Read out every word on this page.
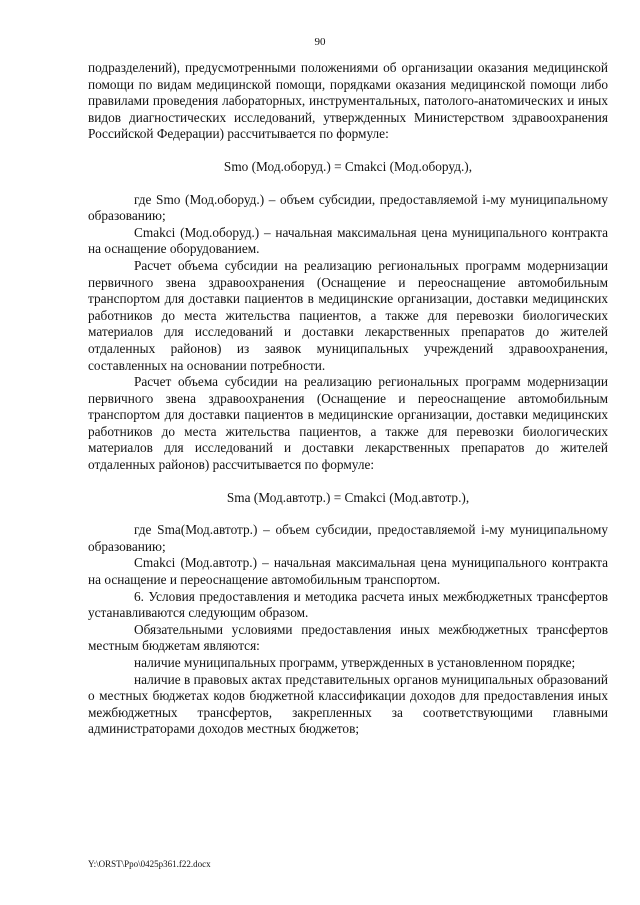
90

подразделений), предусмотренными положениями об организации оказания медицинской помощи по видам медицинской помощи, порядками оказания медицинской помощи либо правилами проведения лабораторных, инструментальных, патолого-анатомических и иных видов диагностических исследований, утвержденных Министерством здравоохранения Российской Федерации) рассчитывается по формуле:

Smo (Мод.оборуд.) = Cmakci (Мод.оборуд.),

где Smo (Мод.оборуд.) – объем субсидии, предоставляемой i-му муниципальному образованию;

Cmakci (Мод.оборуд.) – начальная максимальная цена муниципального контракта на оснащение оборудованием.

Расчет объема субсидии на реализацию региональных программ модернизации первичного звена здравоохранения (Оснащение и переоснащение автомобильным транспортом для доставки пациентов в медицинские организации, доставки медицинских работников до места жительства пациентов, а также для перевозки биологических материалов для исследований и доставки лекарственных препаратов до жителей отдаленных районов) из заявок муниципальных учреждений здравоохранения, составленных на основании потребности.

Расчет объема субсидии на реализацию региональных программ модернизации первичного звена здравоохранения (Оснащение и переоснащение автомобильным транспортом для доставки пациентов в медицинские организации, доставки медицинских работников до места жительства пациентов, а также для перевозки биологических материалов для исследований и доставки лекарственных препаратов до жителей отдаленных районов) рассчитывается по формуле:

Sma (Мод.автотр.) = Cmakci (Мод.автотр.),

где Sma(Мод.автотр.) – объем субсидии, предоставляемой i-му муниципальному образованию;

Cmakci (Мод.автотр.) – начальная максимальная цена муниципального контракта на оснащение и переоснащение автомобильным транспортом.

6. Условия предоставления и методика расчета иных межбюджетных трансфертов устанавливаются следующим образом.

Обязательными условиями предоставления иных межбюджетных трансфертов местным бюджетам являются:

наличие муниципальных программ, утвержденных в установленном порядке;

наличие в правовых актах представительных органов муниципальных образований о местных бюджетах кодов бюджетной классификации доходов для предоставления иных межбюджетных трансфертов, закрепленных за соответствующими главными администраторами доходов местных бюджетов;

Y:\ORST\Ppo\0425p361.f22.docx
